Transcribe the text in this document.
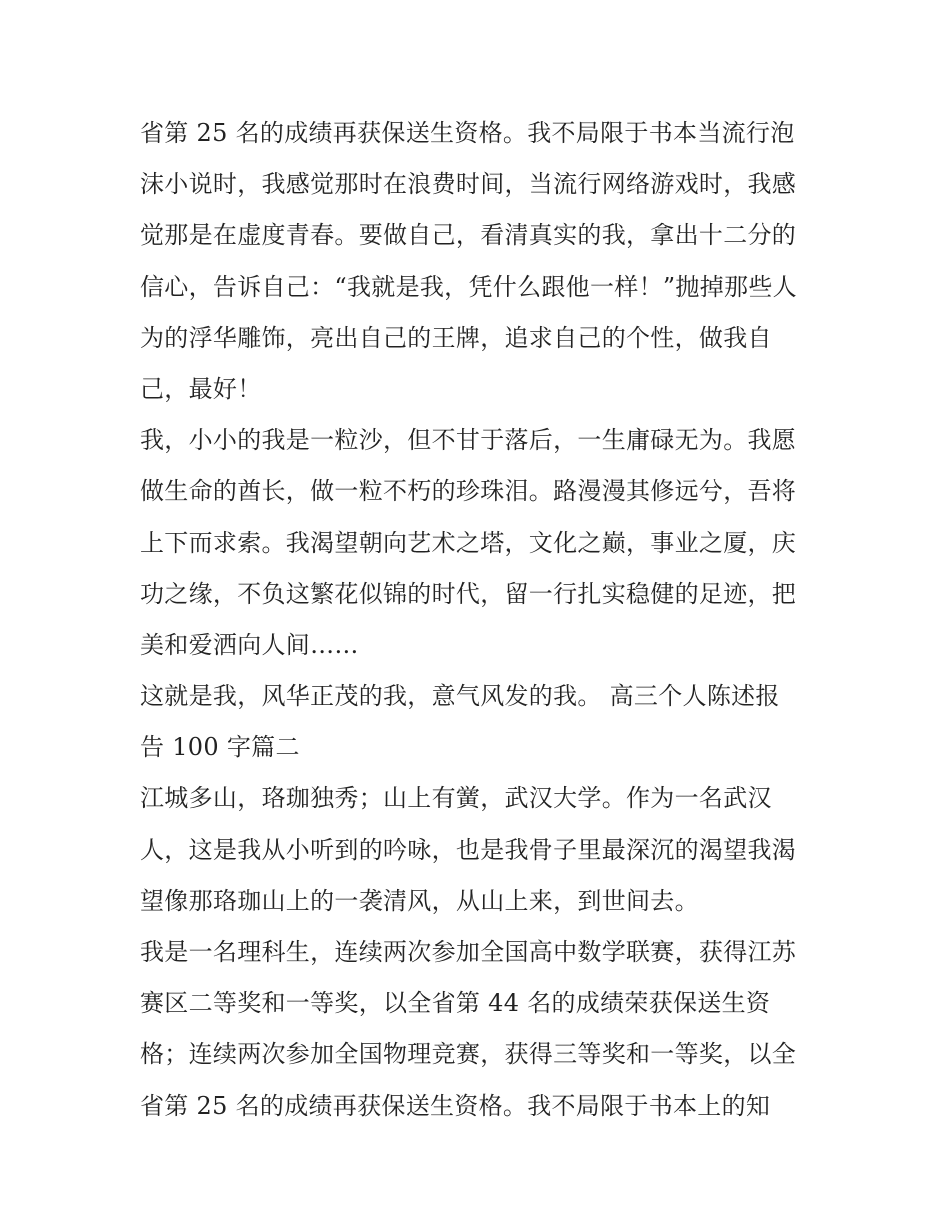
省第 25 名的成绩再获保送生资格。我不局限于书本当流行泡
沫小说时，我感觉那时在浪费时间，当流行网络游戏时，我感
觉那是在虚度青春。要做自己，看清真实的我，拿出十二分的
信心，告诉自己：“我就是我，凭什么跟他一样！”抛掉那些人
为的浮华雕饰，亮出自己的王牌，追求自己的个性，做我自
己，最好！
我，小小的我是一粒沙，但不甘于落后，一生庸碌无为。我愿
做生命的酋长，做一粒不朽的珍珠泪。路漫漫其修远兮，吾将
上下而求索。我渴望朝向艺术之塔，文化之巅，事业之厦，庆
功之缘，不负这繁花似锦的时代，留一行扎实稳健的足迹，把
美和爱洒向人间……
这就是我，风华正茂的我，意气风发的我。 高三个人陈述报
告 100 字篇二
江城多山，珞珈独秀；山上有黉，武汉大学。作为一名武汉
人，这是我从小听到的吟咏，也是我骨子里最深沉的渴望我渴
望像那珞珈山上的一袭清风，从山上来，到世间去。
我是一名理科生，连续两次参加全国高中数学联赛，获得江苏
赛区二等奖和一等奖，以全省第 44 名的成绩荣获保送生资
格；连续两次参加全国物理竞赛，获得三等奖和一等奖，以全
省第 25 名的成绩再获保送生资格。我不局限于书本上的知
